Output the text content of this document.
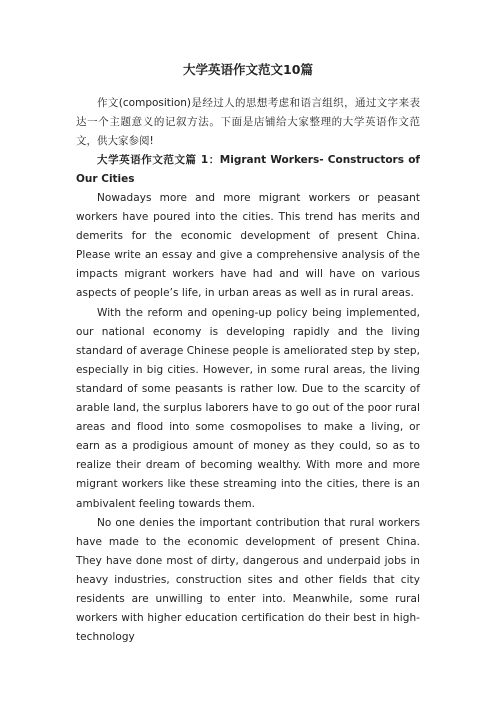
大学英语作文范文10篇

作文(composition)是经过人的思想考虑和语言组织，通过文字来表达一个主题意义的记叙方法。下面是店铺给大家整理的大学英语作文范文，供大家参阅!

大学英语作文范文篇 1：Migrant Workers- Constructors of Our Cities

Nowadays more and more migrant workers or peasant workers have poured into the cities. This trend has merits and demerits for the economic development of present China. Please write an essay and give a comprehensive analysis of the impacts migrant workers have had and will have on various aspects of people’s life, in urban areas as well as in rural areas.

With the reform and opening-up policy being implemented, our national economy is developing rapidly and the living standard of average Chinese people is ameliorated step by step, especially in big cities. However, in some rural areas, the living standard of some peasants is rather low. Due to the scarcity of arable land, the surplus laborers have to go out of the poor rural areas and flood into some cosmopolises to make a living, or earn as a prodigious amount of money as they could, so as to realize their dream of becoming wealthy. With more and more migrant workers like these streaming into the cities, there is an ambivalent feeling towards them.

No one denies the important contribution that rural workers have made to the economic development of present China. They have done most of dirty, dangerous and underpaid jobs in heavy industries, construction sites and other fields that city residents are unwilling to enter into. Meanwhile, some rural workers with higher education certification do their best in high-technology
